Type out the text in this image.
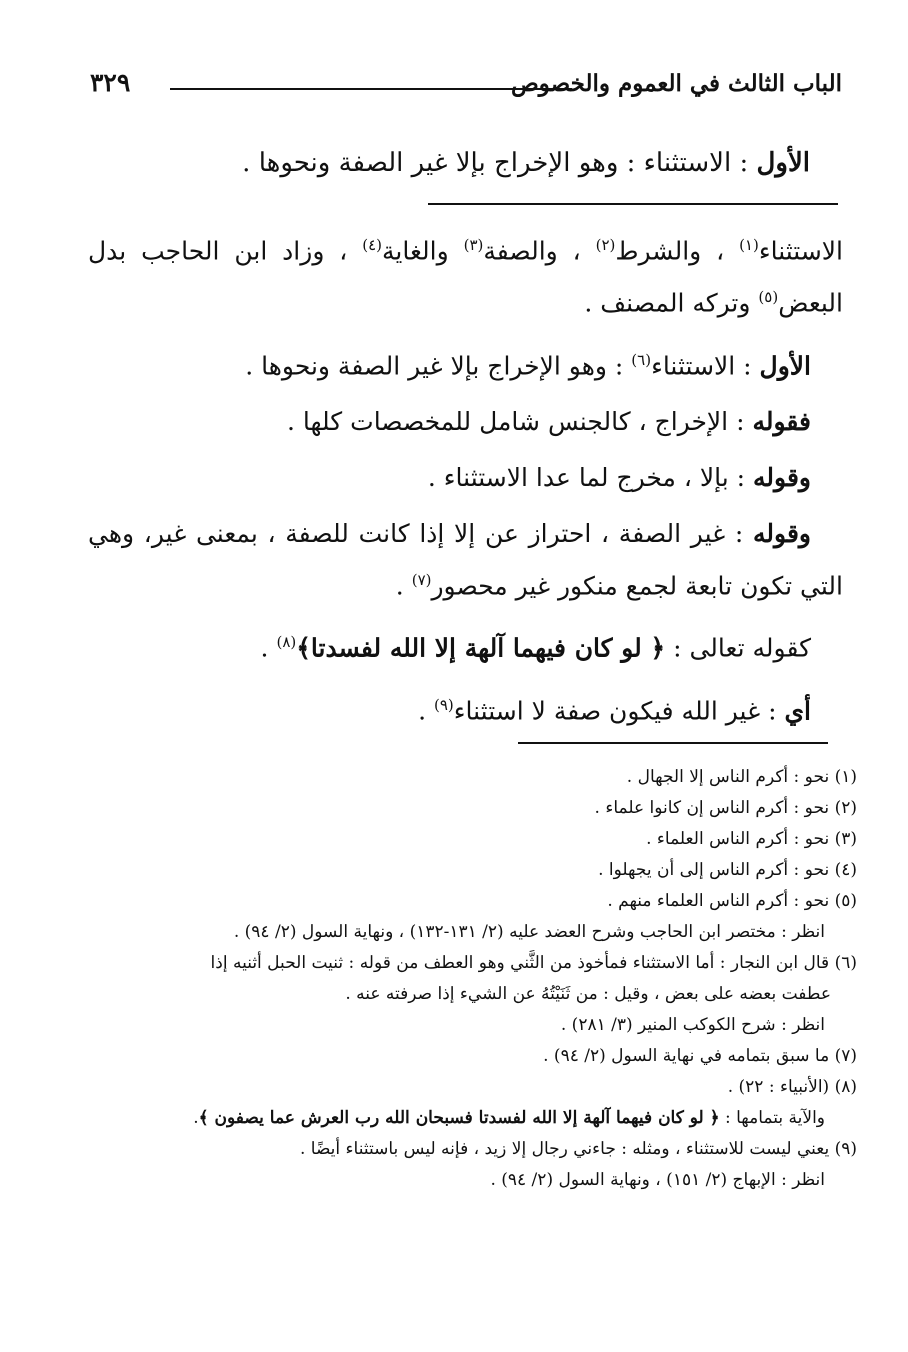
الباب الثالث في العموم والخصوص
٣٢٩
الأول : الاستثناء : وهو الإخراج بإلا غير الصفة ونحوها .

الاستثناء$^{(١)}$ ، والشرط$^{(٢)}$ ، والصفة$^{(٣)}$ والغاية$^{(٤)}$ ، وزاد ابن الحاجب بدل البعض$^{(٥)}$ وتركه المصنف .

الأول : الاستثناء$^{(٦)}$ : وهو الإخراج بإلا غير الصفة ونحوها .

فقوله : الإخراج ، كالجنس شامل للمخصصات كلها .

وقوله : بإلا ، مخرج لما عدا الاستثناء .

وقوله : غير الصفة ، احتراز عن إلا إذا كانت للصفة ، بمعنى غير، وهي التي تكون تابعة لجمع منكور غير محصور$^{(٧)}$ .

كقوله تعالى : ﴿ لو كان فيهما آلهة إلا الله لفسدتا﴾$^{(٨)}$ .

أي : غير الله فيكون صفة لا استثناء$^{(٩)}$ .

(١) نحو : أكرم الناس إلا الجهال .

(٢) نحو : أكرم الناس إن كانوا علماء .

(٣) نحو : أكرم الناس العلماء .

(٤) نحو : أكرم الناس إلى أن يجهلوا .

(٥) نحو : أكرم الناس العلماء منهم .

انظر : مختصر ابن الحاجب وشرح العضد عليه (٢/ ١٣١-١٣٢) ، ونهاية السول (٢/ ٩٤) .

(٦) قال ابن النجار : أما الاستثناء فمأخوذ من الثَّني وهو العطف من قوله : ثنيت الحبل أثنيه إذا

عطفت بعضه على بعض ، وقيل : من ثَنَيْتُهُ عن الشيء إذا صرفته عنه .

انظر : شرح الكوكب المنير (٣/ ٢٨١) .

(٧) ما سبق بتمامه في نهاية السول (٢/ ٩٤) .

(٨) (الأنبياء : ٢٢) .

والآية بتمامها : ﴿ لو كان فيهما آلهة إلا الله لفسدتا فسبحان الله رب العرش عما يصفون ﴾.

(٩) يعني ليست للاستثناء ، ومثله : جاءني رجال إلا زيد ، فإنه ليس باستثناء أيضًا .

انظر : الإبهاج (٢/ ١٥١) ، ونهاية السول (٢/ ٩٤) .
